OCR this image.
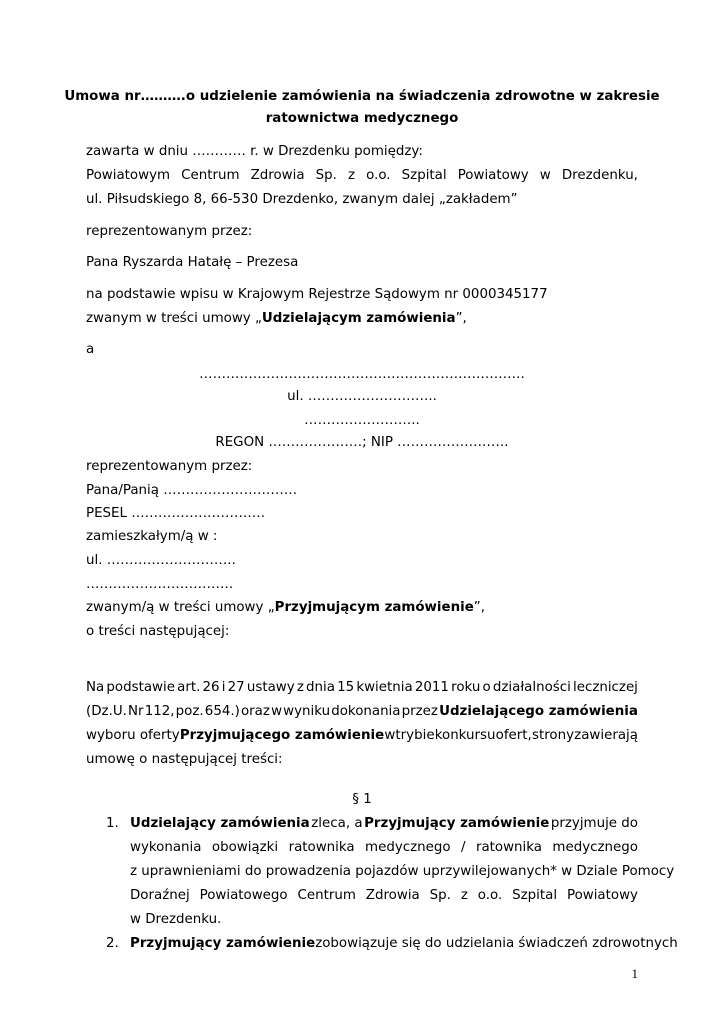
Umowa nr……….o udzielenie zamówienia na świadczenia zdrowotne w zakresie
ratownictwa medycznego
zawarta w dniu ………… r. w Drezdenku pomiędzy:
Powiatowym Centrum Zdrowia Sp. z o.o. Szpital Powiatowy w Drezdenku,
ul. Piłsudskiego 8, 66-530 Drezdenko, zwanym dalej „zakładem”
reprezentowanym przez:
Pana Ryszarda Hatałę – Prezesa
na podstawie wpisu w Krajowym Rejestrze Sądowym nr 0000345177
zwanym w treści umowy „Udzielającym zamówienia”,
a
……………………………………………………………….
ul. ………………………..
……………………..
REGON …………………; NIP …………………….
reprezentowanym przez:
Pana/Panią …………………………
PESEL …………………………
zamieszkałym/ą w :
ul. ………………………..
……………………………
zwanym/ą w treści umowy „Przyjmującym zamówienie”,
o treści następującej:
Na podstawie art. 26 i 27 ustawy z dnia 15 kwietnia 2011 roku o działalności leczniczej
(Dz.U. Nr 112, poz. 654.) oraz w wyniku dokonania przez Udzielającego zamówienia
wyboru oferty Przyjmującego zamówienie w trybie konkursu ofert, strony zawierają
umowę o następującej treści:
§ 1
1. Udzielający zamówienia zleca, a Przyjmujący zamówienie przyjmuje do
wykonania obowiązki ratownika medycznego / ratownika medycznego
z uprawnieniami do prowadzenia pojazdów uprzywilejowanych* w Dziale Pomocy
Doraźnej Powiatowego Centrum Zdrowia Sp. z o.o. Szpital Powiatowy
w Drezdenku.
2. Przyjmujący zamówienie zobowiązuje się do udzielania świadczeń zdrowotnych
1
